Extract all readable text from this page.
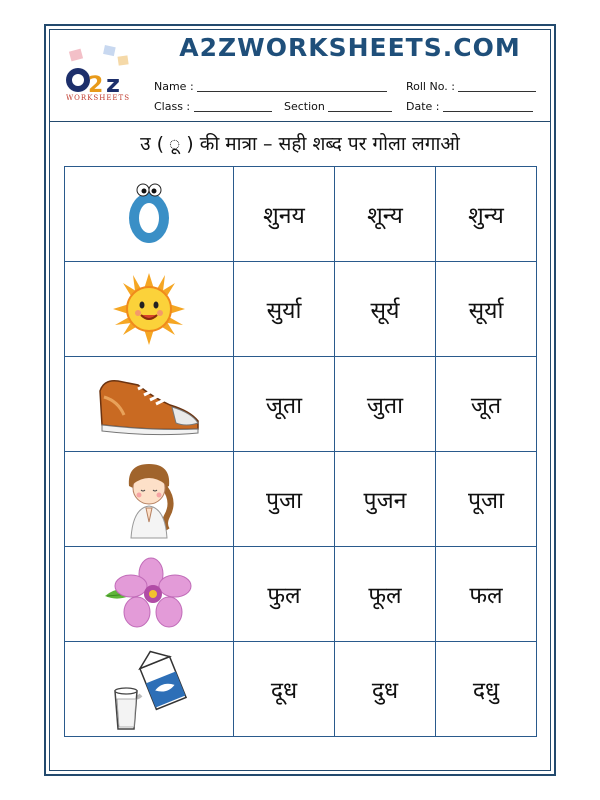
2 z
WORKSHEETS
A2ZWORKSHEETS.COM
Name :	Roll No. :
Class :	Section	Date :
उ ( ू ) की मात्रा – सही शब्द पर गोला लगाओ
	शुनय	शून्य	शुन्य

	सुर्या	सूर्य	सूर्या

	जूता	जुता	जूत

	पुजा	पुजन	पूजा

	फुल	फूल	फल

	दूध	दुध	दधु
